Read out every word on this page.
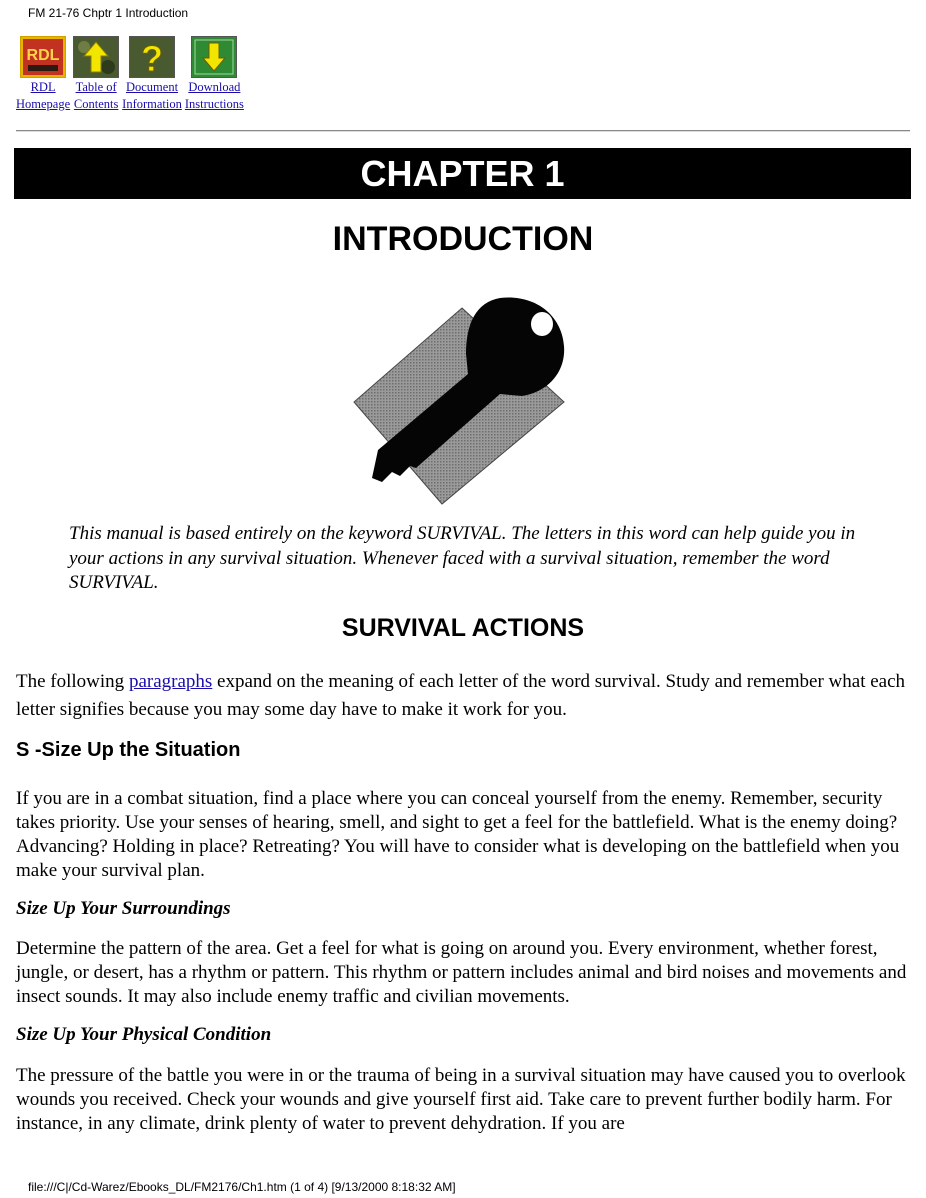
FM 21-76 Chptr 1 Introduction
RDL
RDL
Homepage
Table of
Contents
?
Document
Information
Download
Instructions
CHAPTER 1
INTRODUCTION

This manual is based entirely on the keyword SURVIVAL. The letters in this word can help guide you in your actions in any survival situation. Whenever faced with a survival situation, remember the word SURVIVAL.

SURVIVAL ACTIONS

The following paragraphs expand on the meaning of each letter of the word survival. Study and remember what each letter signifies because you may some day have to make it work for you.

S -Size Up the Situation

If you are in a combat situation, find a place where you can conceal yourself from the enemy. Remember, security takes priority. Use your senses of hearing, smell, and sight to get a feel for the battlefield. What is the enemy doing? Advancing? Holding in place? Retreating? You will have to consider what is developing on the battlefield when you make your survival plan.

Size Up Your Surroundings

Determine the pattern of the area. Get a feel for what is going on around you. Every environment, whether forest, jungle, or desert, has a rhythm or pattern. This rhythm or pattern includes animal and bird noises and movements and insect sounds. It may also include enemy traffic and civilian movements.

Size Up Your Physical Condition

The pressure of the battle you were in or the trauma of being in a survival situation may have caused you to overlook wounds you received. Check your wounds and give yourself first aid. Take care to prevent further bodily harm. For instance, in any climate, drink plenty of water to prevent dehydration. If you are

file:///C|/Cd-Warez/Ebooks_DL/FM2176/Ch1.htm (1 of 4) [9/13/2000 8:18:32 AM]
